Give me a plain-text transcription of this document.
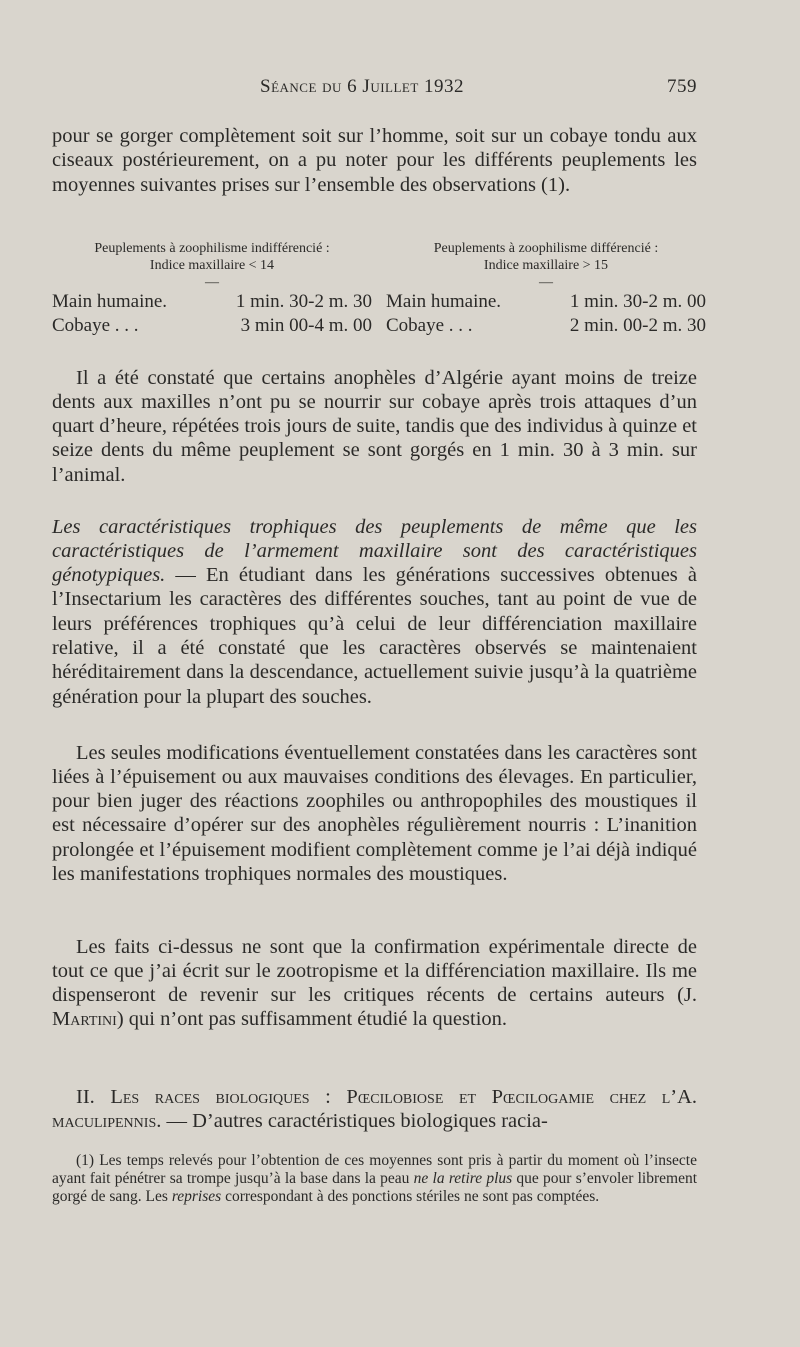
Séance du 6 Juillet 1932	759

pour se gorger complètement soit sur l’homme, soit sur un cobaye tondu aux ciseaux postérieurement, on a pu noter pour les différents peuplements les moyennes suivantes prises sur l’ensemble des observations (1).

Peuplements à zoophilisme indifférencié :
Indice maxillaire < 14
—
Main humaine.	1 min. 30-2 m. 30
Cobaye . . .	3 min 00-4 m. 00
Peuplements à zoophilisme différencié :
Indice maxillaire > 15
—
Main humaine.	1 min. 30-2 m. 00
Cobaye . . .	2 min. 00-2 m. 30

Il a été constaté que certains anophèles d’Algérie ayant moins de treize dents aux maxilles n’ont pu se nourrir sur cobaye après trois attaques d’un quart d’heure, répétées trois jours de suite, tandis que des individus à quinze et seize dents du même peuplement se sont gorgés en 1 min. 30 à 3 min. sur l’animal.

Les caractéristiques trophiques des peuplements de même que les caractéristiques de l’armement maxillaire sont des caractéristiques génotypiques. — En étudiant dans les générations successives obtenues à l’Insectarium les caractères des différentes souches, tant au point de vue de leurs préférences trophiques qu’à celui de leur différenciation maxillaire relative, il a été constaté que les caractères observés se maintenaient héréditairement dans la descendance, actuellement suivie jusqu’à la quatrième génération pour la plupart des souches.

Les seules modifications éventuellement constatées dans les caractères sont liées à l’épuisement ou aux mauvaises conditions des élevages. En particulier, pour bien juger des réactions zoophiles ou anthropophiles des moustiques il est nécessaire d’opérer sur des anophèles régulièrement nourris : L’inanition prolongée et l’épuisement modifient complètement comme je l’ai déjà indiqué les manifestations trophiques normales des moustiques.

Les faits ci-dessus ne sont que la confirmation expérimentale directe de tout ce que j’ai écrit sur le zootropisme et la différenciation maxillaire. Ils me dispenseront de revenir sur les critiques récents de certains auteurs (J. Martini) qui n’ont pas suffisamment étudié la question.

II. Les races biologiques : Pœcilobiose et Pœcilogamie chez l’A. maculipennis. — D’autres caractéristiques biologiques racia-

(1) Les temps relevés pour l’obtention de ces moyennes sont pris à partir du moment où l’insecte ayant fait pénétrer sa trompe jusqu’à la base dans la peau ne la retire plus que pour s’envoler librement gorgé de sang. Les reprises correspondant à des ponctions stériles ne sont pas comptées.
